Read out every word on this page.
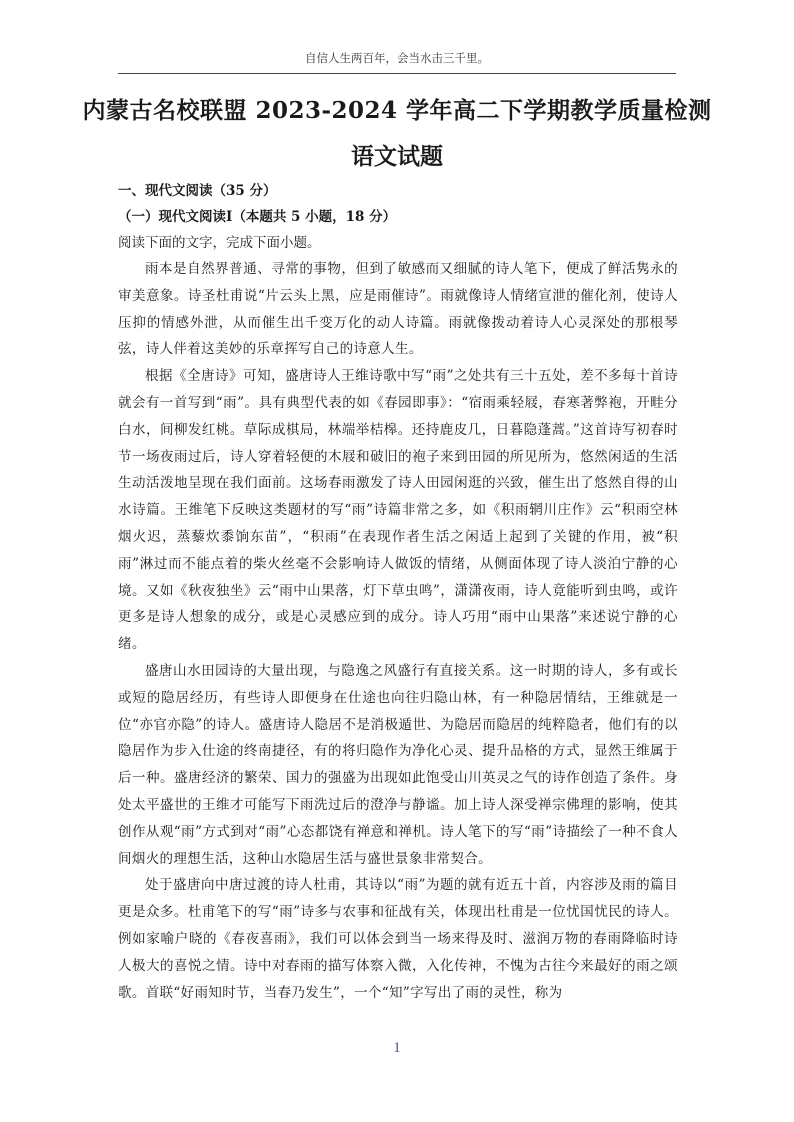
自信人生两百年，会当水击三千里。
内蒙古名校联盟 2023-2024 学年高二下学期教学质量检测
语文试题

一、现代文阅读（35 分）

（一）现代文阅读Ⅰ（本题共 5 小题，18 分）

阅读下面的文字，完成下面小题。

雨本是自然界普通、寻常的事物，但到了敏感而又细腻的诗人笔下，便成了鲜活隽永的审美意象。诗圣杜甫说“片云头上黑，应是雨催诗”。雨就像诗人情绪宣泄的催化剂，使诗人压抑的情感外泄，从而催生出千变万化的动人诗篇。雨就像拨动着诗人心灵深处的那根琴弦，诗人伴着这美妙的乐章挥写自己的诗意人生。

根据《全唐诗》可知，盛唐诗人王维诗歌中写“雨”之处共有三十五处，差不多每十首诗就会有一首写到“雨”。具有典型代表的如《春园即事》：“宿雨乘轻屐，春寒著弊袍，开畦分白水，间柳发红桃。草际成棋局，林端举桔槔。还持鹿皮几，日暮隐蓬蒿。”这首诗写初春时节一场夜雨过后，诗人穿着轻便的木屐和破旧的袍子来到田园的所见所为，悠然闲适的生活生动活泼地呈现在我们面前。这场春雨激发了诗人田园闲逛的兴致，催生出了悠然自得的山水诗篇。王维笔下反映这类题材的写“雨”诗篇非常之多，如《积雨辋川庄作》云“积雨空林烟火迟，蒸藜炊黍饷东苗”，“积雨”在表现作者生活之闲适上起到了关键的作用，被“积雨”淋过而不能点着的柴火丝毫不会影响诗人做饭的情绪，从侧面体现了诗人淡泊宁静的心境。又如《秋夜独坐》云“雨中山果落，灯下草虫鸣”，潇潇夜雨，诗人竟能听到虫鸣，或许更多是诗人想象的成分，或是心灵感应到的成分。诗人巧用“雨中山果落”来述说宁静的心绪。

盛唐山水田园诗的大量出现，与隐逸之风盛行有直接关系。这一时期的诗人，多有或长或短的隐居经历，有些诗人即便身在仕途也向往归隐山林，有一种隐居情结，王维就是一位“亦官亦隐”的诗人。盛唐诗人隐居不是消极遁世、为隐居而隐居的纯粹隐者，他们有的以隐居作为步入仕途的终南捷径，有的将归隐作为净化心灵、提升品格的方式，显然王维属于后一种。盛唐经济的繁荣、国力的强盛为出现如此饱受山川英灵之气的诗作创造了条件。身处太平盛世的王维才可能写下雨洗过后的澄净与静谧。加上诗人深受禅宗佛理的影响，使其创作从观“雨”方式到对“雨”心态都饶有禅意和禅机。诗人笔下的写“雨”诗描绘了一种不食人间烟火的理想生活，这种山水隐居生活与盛世景象非常契合。

处于盛唐向中唐过渡的诗人杜甫，其诗以“雨”为题的就有近五十首，内容涉及雨的篇目更是众多。杜甫笔下的写“雨”诗多与农事和征战有关，体现出杜甫是一位忧国忧民的诗人。例如家喻户晓的《春夜喜雨》，我们可以体会到当一场来得及时、滋润万物的春雨降临时诗人极大的喜悦之情。诗中对春雨的描写体察入微，入化传神，不愧为古往今来最好的雨之颂歌。首联“好雨知时节，当春乃发生”，一个“知”字写出了雨的灵性，称为

1
